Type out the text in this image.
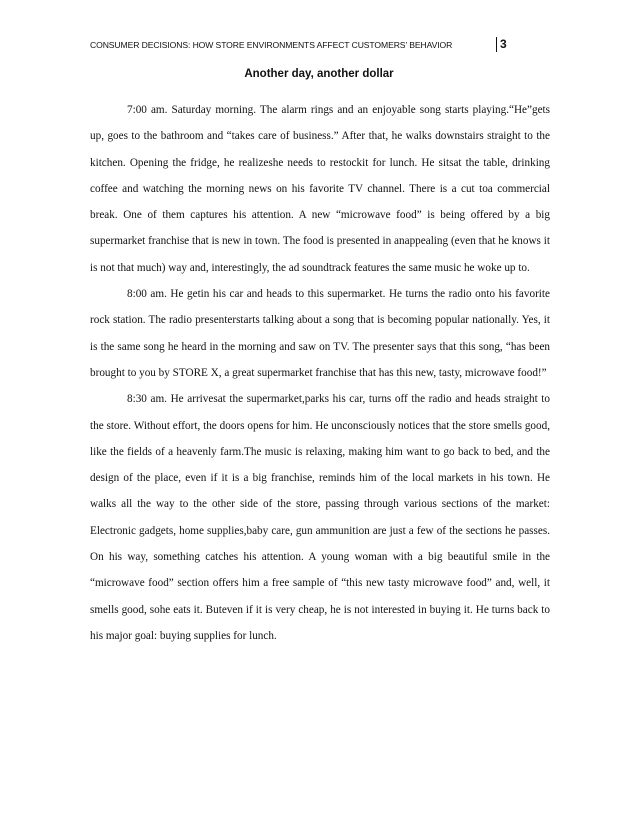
CONSUMER DECISIONS: HOW STORE ENVIRONMENTS AFFECT CUSTOMERS’ BEHAVIOR	3
Another day, another dollar

7:00 am. Saturday morning. The alarm rings and an enjoyable song starts playing.“He”gets up, goes to the bathroom and “takes care of business.” After that, he walks downstairs straight to the kitchen. Opening the fridge, he realizeshe needs to restockit for lunch. He sitsat the table, drinking coffee and watching the morning news on his favorite TV channel. There is a cut toa commercial break. One of them captures his attention. A new “microwave food” is being offered by a big supermarket franchise that is new in town. The food is presented in anappealing (even that he knows it is not that much) way and, interestingly, the ad soundtrack features the same music he woke up to.

8:00 am. He getin his car and heads to this supermarket. He turns the radio onto his favorite rock station. The radio presenterstarts talking about a song that is becoming popular nationally. Yes, it is the same song he heard in the morning and saw on TV. The presenter says that this song, “has been brought to you by STORE X, a great supermarket franchise that has this new, tasty, microwave food!”

8:30 am. He arrivesat the supermarket,parks his car, turns off the radio and heads straight to the store. Without effort, the doors opens for him. He unconsciously notices that the store smells good, like the fields of a heavenly farm.The music is relaxing, making him want to go back to bed, and the design of the place, even if it is a big franchise, reminds him of the local markets in his town. He walks all the way to the other side of the store, passing through various sections of the market: Electronic gadgets, home supplies,baby care, gun ammunition are just a few of the sections he passes. On his way, something catches his attention. A young woman with a big beautiful smile in the “microwave food” section offers him a free sample of “this new tasty microwave food” and, well, it smells good, sohe eats it. Buteven if it is very cheap, he is not interested in buying it. He turns back to his major goal: buying supplies for lunch.
